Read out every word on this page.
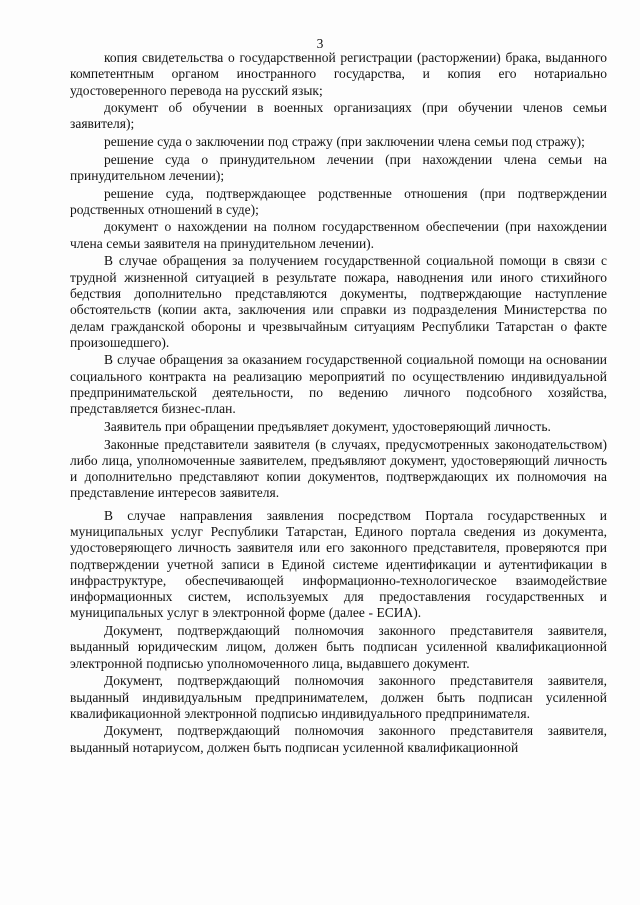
3

копия свидетельства о государственной регистрации (расторжении) брака, выданного компетентным органом иностранного государства, и копия его нотариально удостоверенного перевода на русский язык;

документ об обучении в военных организациях (при обучении членов семьи заявителя);

решение суда о заключении под стражу (при заключении члена семьи под стражу);

решение суда о принудительном лечении (при нахождении члена семьи на принудительном лечении);

решение суда, подтверждающее родственные отношения (при подтверждении родственных отношений в суде);

документ о нахождении на полном государственном обеспечении (при нахождении члена семьи заявителя на принудительном лечении).

В случае обращения за получением государственной социальной помощи в связи с трудной жизненной ситуацией в результате пожара, наводнения или иного стихийного бедствия дополнительно представляются документы, подтверждающие наступление обстоятельств (копии акта, заключения или справки из подразделения Министерства по делам гражданской обороны и чрезвычайным ситуациям Республики Татарстан о факте произошедшего).

В случае обращения за оказанием государственной социальной помощи на основании социального контракта на реализацию мероприятий по осуществлению индивидуальной предпринимательской деятельности, по ведению личного подсобного хозяйства, представляется бизнес-план.

Заявитель при обращении предъявляет документ, удостоверяющий личность.

Законные представители заявителя (в случаях, предусмотренных законодательством) либо лица, уполномоченные заявителем, предъявляют документ, удостоверяющий личность и дополнительно представляют копии документов, подтверждающих их полномочия на представление интересов заявителя.

В случае направления заявления посредством Портала государственных и муниципальных услуг Республики Татарстан, Единого портала сведения из документа, удостоверяющего личность заявителя или его законного представителя, проверяются при подтверждении учетной записи в Единой системе идентификации и аутентификации в инфраструктуре, обеспечивающей информационно-технологическое взаимодействие информационных систем, используемых для предоставления государственных и муниципальных услуг в электронной форме (далее - ЕСИА).

Документ, подтверждающий полномочия законного представителя заявителя, выданный юридическим лицом, должен быть подписан усиленной квалификационной электронной подписью уполномоченного лица, выдавшего документ.

Документ, подтверждающий полномочия законного представителя заявителя, выданный индивидуальным предпринимателем, должен быть подписан усиленной квалификационной электронной подписью индивидуального предпринимателя.

Документ, подтверждающий полномочия законного представителя заявителя, выданный нотариусом, должен быть подписан усиленной квалификационной
